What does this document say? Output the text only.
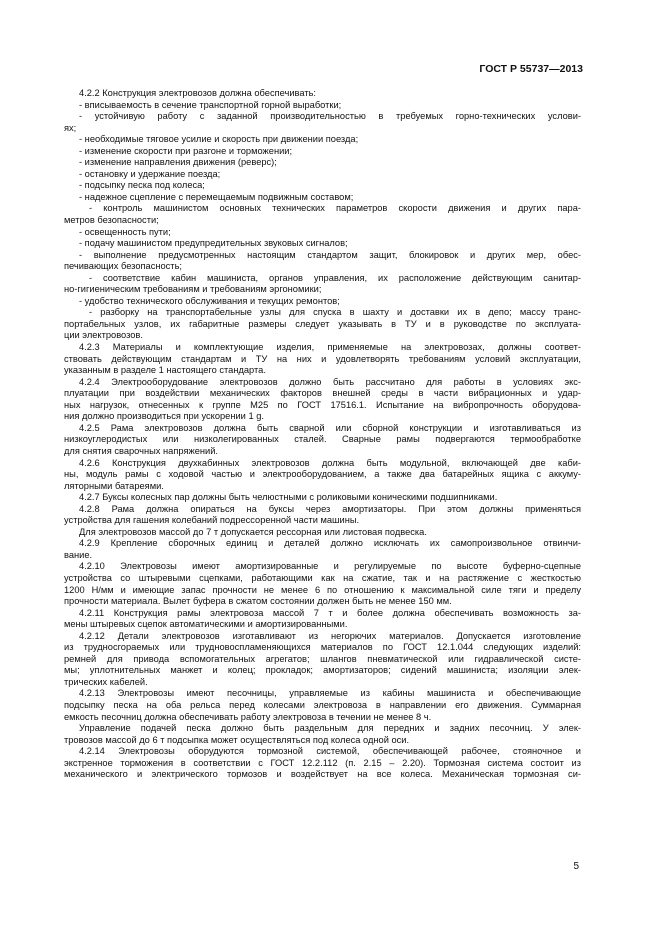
ГОСТ Р 55737—2013
4.2.2 Конструкция электровозов должна обеспечивать:
- вписываемость в сечение транспортной горной выработки;
- устойчивую работу с заданной производительностью в требуемых горно-технических услови-
ях;
- необходимые тяговое усилие и скорость при движении поезда;
- изменение скорости при разгоне и торможении;
- изменение направления движения (реверс);
- остановку и удержание поезда;
- подсыпку песка под колеса;
- надежное сцепление с перемещаемым подвижным составом;
- контроль машинистом основных технических параметров скорости движения и других пара-
метров безопасности;
- освещенность пути;
- подачу машинистом предупредительных звуковых сигналов;
- выполнение предусмотренных настоящим стандартом защит, блокировок и других мер, обес-
печивающих безопасность;
- соответствие кабин машиниста, органов управления, их расположение действующим санитар-
но-гигиеническим требованиям и требованиям эргономики;
- удобство технического обслуживания и текущих ремонтов;
- разборку на транспортабельные узлы для спуска в шахту и доставки их в депо; массу транс-
портабельных узлов, их габаритные размеры следует указывать в ТУ и в руководстве по эксплуата-
ции электровозов.
4.2.3 Материалы и комплектующие изделия, применяемые на электровозах, должны соответ-
ствовать действующим стандартам и ТУ на них и удовлетворять требованиям условий эксплуатации,
указанным в разделе 1 настоящего стандарта.
4.2.4 Электрооборудование электровозов должно быть рассчитано для работы в условиях экс-
плуатации при воздействии механических факторов внешней среды в части вибрационных и удар-
ных нагрузок, отнесенных к группе М25 по ГОСТ 17516.1. Испытание на вибропрочность оборудова-
ния должно производиться при ускорении 1 g.
4.2.5 Рама электровозов должна быть сварной или сборной конструкции и изготавливаться из
низкоуглеродистых или низколегированных сталей. Сварные рамы подвергаются термообработке
для снятия сварочных напряжений.
4.2.6 Конструкция двухкабинных электровозов должна быть модульной, включающей две каби-
ны, модуль рамы с ходовой частью и электрооборудованием, а также два батарейных ящика с аккуму-
ляторными батареями.
4.2.7 Буксы колесных пар должны быть челюстными с роликовыми коническими подшипниками.
4.2.8 Рама должна опираться на буксы через амортизаторы. При этом должны применяться
устройства для гашения колебаний подрессоренной части машины.
Для электровозов массой до 7 т допускается рессорная или листовая подвеска.
4.2.9 Крепление сборочных единиц и деталей должно исключать их самопроизвольное отвинчи-
вание.
4.2.10 Электровозы имеют амортизированные и регулируемые по высоте буферно-сцепные
устройства со штыревыми сцепками, работающими как на сжатие, так и на растяжение с жесткостью
1200 Н/мм и имеющие запас прочности не менее 6 по отношению к максимальной силе тяги и пределу
прочности материала. Вылет буфера в сжатом состоянии должен быть не менее 150 мм.
4.2.11 Конструкция рамы электровоза массой 7 т и более должна обеспечивать возможность за-
мены штыревых сцепок автоматическими и амортизированными.
4.2.12 Детали электровозов изготавливают из негорючих материалов. Допускается изготовление
из трудносгораемых или трудновоспламеняющихся материалов по ГОСТ 12.1.044 следующих изделий:
ремней для привода вспомогательных агрегатов; шлангов пневматической или гидравлической систе-
мы; уплотнительных манжет и колец; прокладок; амортизаторов; сидений машиниста; изоляции элек-
трических кабелей.
4.2.13 Электровозы имеют песочницы, управляемые из кабины машиниста и обеспечивающие
подсыпку песка на оба рельса перед колесами электровоза в направлении его движения. Суммарная
емкость песочниц должна обеспечивать работу электровоза в течении не менее 8 ч.
Управление подачей песка должно быть раздельным для передних и задних песочниц. У элек-
тровозов массой до 6 т подсыпка может осуществляться под колеса одной оси.
4.2.14 Электровозы оборудуются тормозной системой, обеспечивающей рабочее, стояночное и
экстренное торможения в соответствии с ГОСТ 12.2.112 (п. 2.15 – 2.20). Тормозная система состоит из
механического и электрического тормозов и воздействует на все колеса. Механическая тормозная си-
5
